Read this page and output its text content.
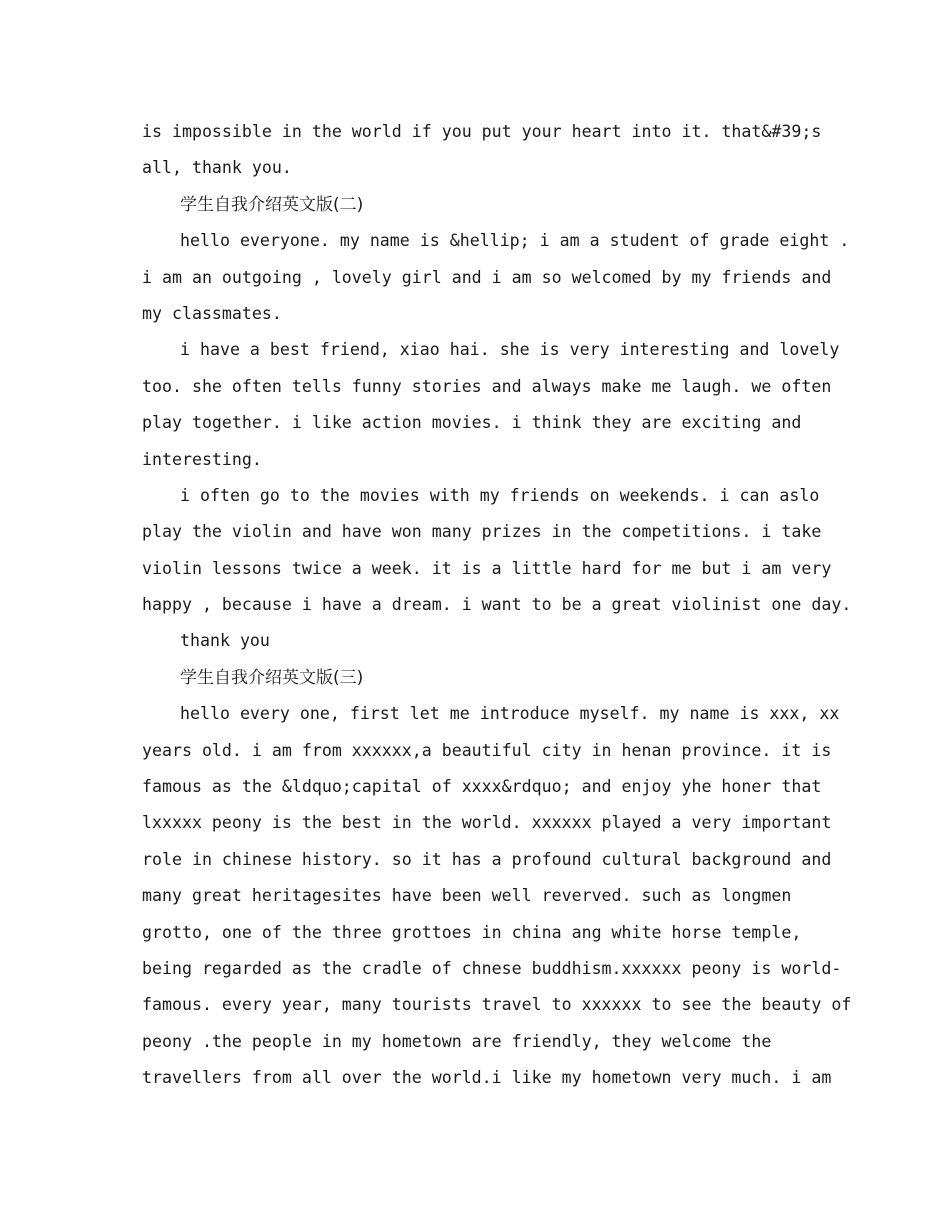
is impossible in the world if you put your heart into it. that&#39;s
all, thank you.
学生自我介绍英文版(二)
hello everyone. my name is &hellip; i am a student of grade eight .
i am an outgoing , lovely girl and i am so welcomed by my friends and
my classmates.
i have a best friend, xiao hai. she is very interesting and lovely
too. she often tells funny stories and always make me laugh. we often
play together. i like action movies. i think they are exciting and
interesting.
i often go to the movies with my friends on weekends. i can aslo
play the violin and have won many prizes in the competitions. i take
violin lessons twice a week. it is a little hard for me but i am very
happy , because i have a dream. i want to be a great violinist one day.
thank you
学生自我介绍英文版(三)
hello every one, first let me introduce myself. my name is xxx, xx
years old. i am from xxxxxx,a beautiful city in henan province. it is
famous as the &ldquo;capital of xxxx&rdquo; and enjoy yhe honer that
lxxxxx peony is the best in the world. xxxxxx played a very important
role in chinese history. so it has a profound cultural background and
many great heritagesites have been well reverved. such as longmen
grotto, one of the three grottoes in china ang white horse temple,
being regarded as the cradle of chnese buddhism.xxxxxx peony is world-
famous. every year, many tourists travel to xxxxxx to see the beauty of
peony .the people in my hometown are friendly, they welcome the
travellers from all over the world.i like my hometown very much. i am
